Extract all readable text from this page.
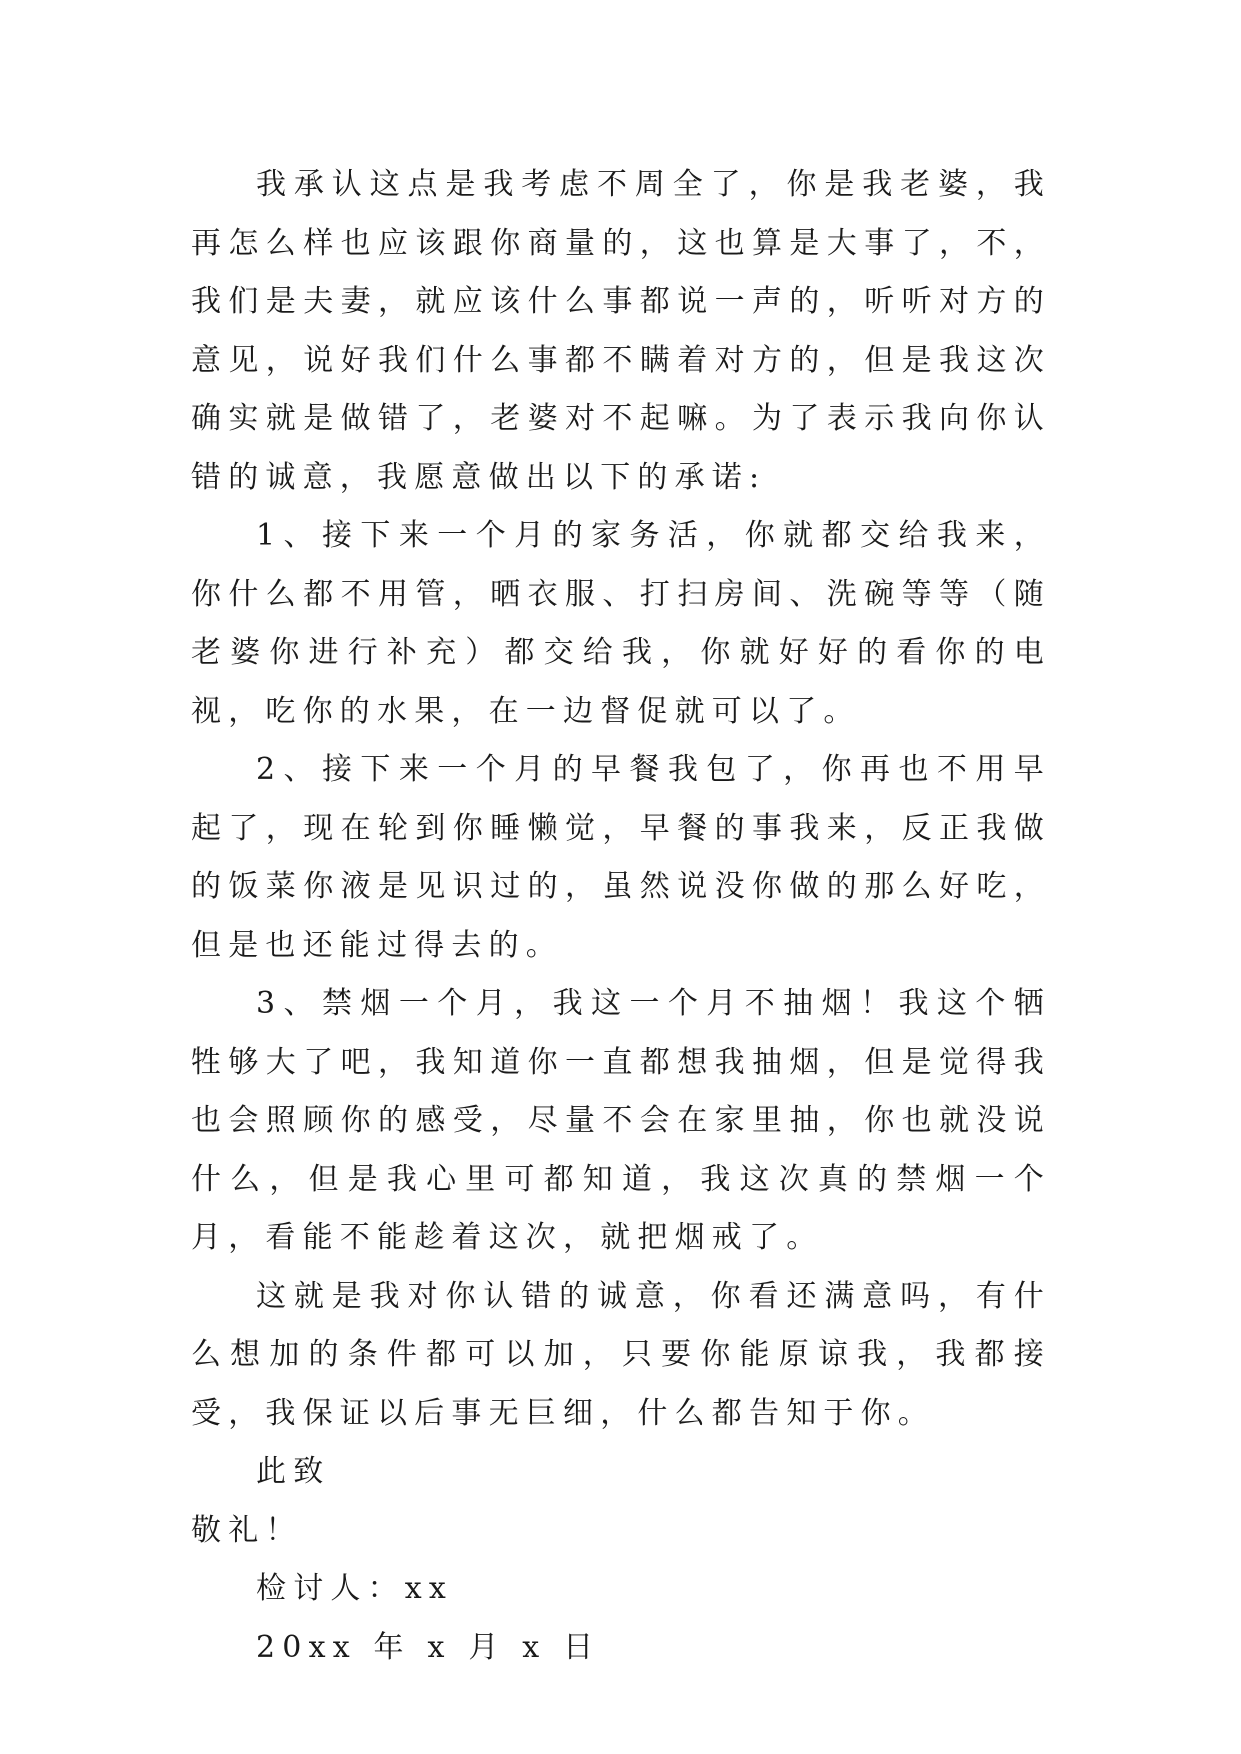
我承认这点是我考虑不周全了，你是我老婆，我再怎么样也应该跟你商量的，这也算是大事了，不，我们是夫妻，就应该什么事都说一声的，听听对方的意见，说好我们什么事都不瞒着对方的，但是我这次确实就是做错了，老婆对不起嘛。为了表示我向你认错的诚意，我愿意做出以下的承诺:

1、接下来一个月的家务活，你就都交给我来，你什么都不用管，晒衣服、打扫房间、洗碗等等（随老婆你进行补充）都交给我，你就好好的看你的电视，吃你的水果，在一边督促就可以了。

2、接下来一个月的早餐我包了，你再也不用早起了，现在轮到你睡懒觉，早餐的事我来，反正我做的饭菜你液是见识过的，虽然说没你做的那么好吃，但是也还能过得去的。

3、禁烟一个月，我这一个月不抽烟！我这个牺牲够大了吧，我知道你一直都想我抽烟，但是觉得我也会照顾你的感受，尽量不会在家里抽，你也就没说什么，但是我心里可都知道，我这次真的禁烟一个月，看能不能趁着这次，就把烟戒了。

这就是我对你认错的诚意，你看还满意吗，有什么想加的条件都可以加，只要你能原谅我，我都接受，我保证以后事无巨细，什么都告知于你。

此致

敬礼！

检讨人：xx

20xx 年 x 月 x 日
